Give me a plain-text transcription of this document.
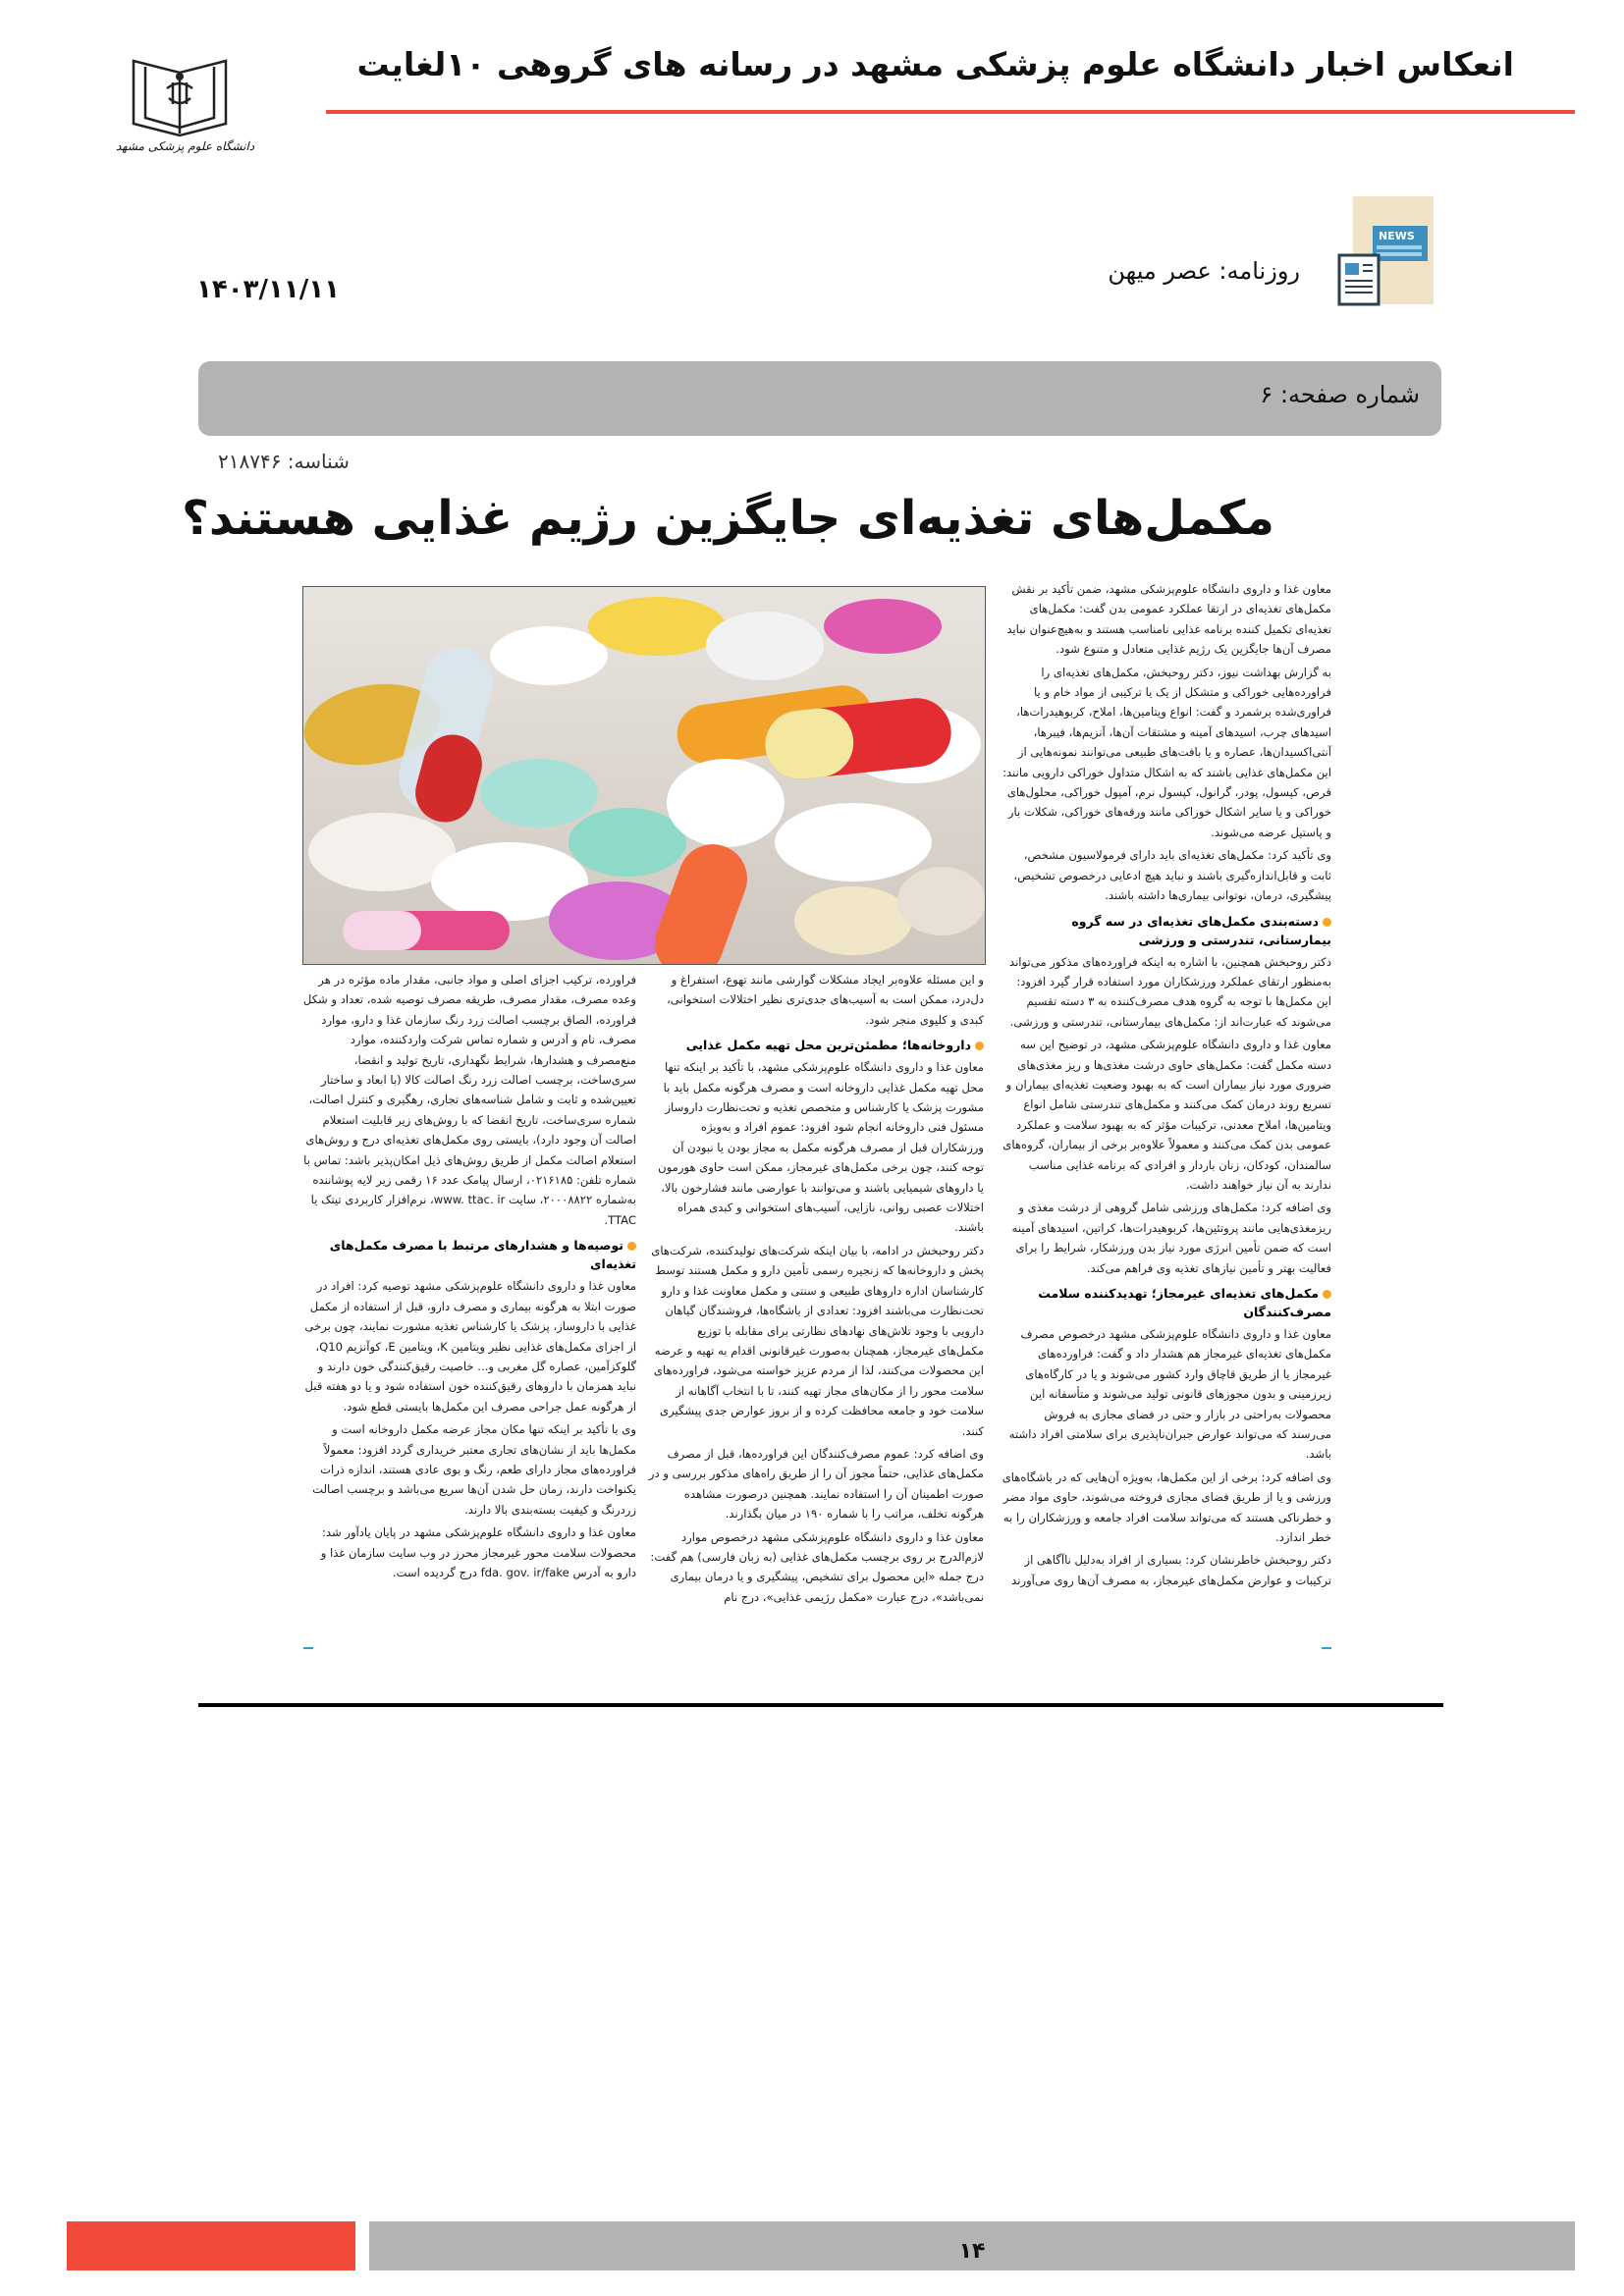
دانشگاه علوم پزشکی مشهد
انعکاس اخبار دانشگاه علوم پزشکی مشهد در رسانه های گروهی ۱۰لغایت
NEWS
روزنامه: عصر میهن
۱۴۰۳/۱۱/۱۱
شماره صفحه: ۶
شناسه: ۲۱۸۷۴۶
مکمل‌های تغذیه‌ای جایگزین رژیم غذایی هستند؟

معاون غذا و داروی دانشگاه علوم‌پزشکی مشهد، ضمن تأکید بر نقش مکمل‌های تغذیه‌ای در ارتقا عملکرد عمومی بدن گفت: مکمل‌های تغذیه‌ای تکمیل کننده برنامه غذایی نامناسب هستند و به‌هیچ‌عنوان نباید مصرف آن‌ها جایگزین یک رژیم غذایی متعادل و متنوع شود.

به گزارش بهداشت نیوز، دکتر روحبخش، مکمل‌های تغذیه‌ای را فراورده‌هایی خوراکی و متشکل از یک یا ترکیبی از مواد خام و یا فراوری‌شده برشمرد و گفت: انواع ویتامین‌ها، املاح، کربوهیدرات‌ها، اسیدهای چرب، اسیدهای آمینه و مشتقات آن‌ها، آنزیم‌ها، فیبرها، آنتی‌اکسیدان‌ها، عصاره و یا بافت‌های طبیعی می‌توانند نمونه‌هایی از این مکمل‌های غذایی باشند که به اشکال متداول خوراکی دارویی مانند: قرص، کپسول، پودر، گرانول، کپسول نرم، آمپول خوراکی، محلول‌های خوراکی و یا سایر اشکال خوراکی مانند ورقه‌های خوراکی، شکلات بار و پاستیل عرضه می‌شوند.

وی تأکید کرد: مکمل‌های تغذیه‌ای باید دارای فرمولاسیون مشخص، ثابت و قابل‌اندازه‌گیری باشند و نباید هیچ ادعایی درخصوص تشخیص، پیشگیری، درمان، نوتوانی بیماری‌ها داشته باشند.

دسته‌بندی مکمل‌های تغذیه‌ای در سه گروه بیمارستانی، تندرستی و ورزشی

دکتر روحبخش همچنین، با اشاره به اینکه فراورده‌های مذکور می‌تواند به‌منظور ارتقای عملکرد ورزشکاران مورد استفاده قرار گیرد افزود: این مکمل‌ها با توجه به گروه هدف مصرف‌کننده به ۳ دسته تقسیم می‌شوند که عبارت‌اند از: مکمل‌های بیمارستانی، تندرستی و ورزشی.

معاون غذا و داروی دانشگاه علوم‌پزشکی مشهد، در توضیح این سه دسته مکمل گفت: مکمل‌های حاوی درشت مغذی‌ها و ریز مغذی‌های ضروری مورد نیاز بیماران است که به بهبود وضعیت تغذیه‌ای بیماران و تسریع روند درمان کمک می‌کنند و مکمل‌های تندرستی شامل انواع ویتامین‌ها، املاح معدنی، ترکیبات مؤثر که به بهبود سلامت و عملکرد عمومی بدن کمک می‌کنند و معمولاً علاوه‌بر برخی از بیماران، گروه‌های سالمندان، کودکان، زنان باردار و افرادی که برنامه غذایی مناسب ندارند به آن نیاز خواهند داشت.

وی اضافه کرد: مکمل‌های ورزشی شامل گروهی از درشت مغذی و ریزمغذی‌هایی مانند پروتئین‌ها، کربوهیدرات‌ها، کراتین، اسیدهای آمینه است که ضمن تأمین انرژی مورد نیاز بدن ورزشکار، شرایط را برای فعالیت بهتر و تأمین نیازهای تغذیه وی فراهم می‌کند.

مکمل‌های تغذیه‌ای غیرمجاز؛ تهدیدکننده سلامت مصرف‌کنندگان

معاون غذا و داروی دانشگاه علوم‌پزشکی مشهد درخصوص مصرف مکمل‌های تغذیه‌ای غیرمجاز هم هشدار داد و گفت: فراورده‌های غیرمجاز یا از طریق قاچاق وارد کشور می‌شوند و یا در کارگاه‌های زیرزمینی و بدون مجوزهای قانونی تولید می‌شوند و متأسفانه این محصولات به‌راحتی در بازار و حتی در فضای مجازی به فروش می‌رسند که می‌تواند عوارض جبران‌ناپذیری برای سلامتی افراد داشته باشد.

وی اضافه کرد: برخی از این مکمل‌ها، به‌ویژه آن‌هایی که در باشگاه‌های ورزشی و یا از طریق فضای مجازی فروخته می‌شوند، حاوی مواد مضر و خطرناکی هستند که می‌تواند سلامت افراد جامعه و ورزشکاران را به خطر اندازد.

دکتر روحبخش خاطرنشان کرد: بسیاری از افراد به‌دلیل ناآگاهی از ترکیبات و عوارض مکمل‌های غیرمجاز، به مصرف آن‌ها روی می‌آورند

و این مسئله علاوه‌بر ایجاد مشکلات گوارشی مانند تهوع، استفراغ و دل‌درد، ممکن است به آسیب‌های جدی‌تری نظیر اختلالات استخوانی، کبدی و کلیوی منجر شود.

داروخانه‌ها؛ مطمئن‌ترین محل تهیه مکمل غذایی

معاون غذا و داروی دانشگاه علوم‌پزشکی مشهد، با تأکید بر اینکه تنها محل تهیه مکمل غذایی داروخانه است و مصرف هرگونه مکمل باید با مشورت پزشک یا کارشناس و متخصص تغذیه و تحت‌نظارت داروساز مسئول فنی داروخانه انجام شود افزود: عموم افراد و به‌ویژه ورزشکاران قبل از مصرف هرگونه مکمل به مجاز بودن یا نبودن آن توجه کنند، چون برخی مکمل‌های غیرمجاز، ممکن است حاوی هورمون یا داروهای شیمیایی باشند و می‌توانند با عوارضی مانند فشارخون بالا، اختلالات عصبی روانی، نازایی، آسیب‌های استخوانی و کبدی همراه باشند.

دکتر روحبخش در ادامه، با بیان اینکه شرکت‌های تولیدکننده، شرکت‌های پخش و داروخانه‌ها که زنجیره رسمی تأمین دارو و مکمل هستند توسط کارشناسان اداره داروهای طبیعی و سنتی و مکمل معاونت غذا و دارو تحت‌نظارت می‌باشند افزود: تعدادی از باشگاه‌ها، فروشندگان گیاهان دارویی با وجود تلاش‌های نهادهای نظارتی برای مقابله با توزیع مکمل‌های غیرمجاز، همچنان به‌صورت غیرقانونی اقدام به تهیه و عرضه این محصولات می‌کنند، لذا از مردم عزیز خواسته می‌شود، فراورده‌های سلامت محور را از مکان‌های مجاز تهیه کنند، تا با انتخاب آگاهانه از سلامت خود و جامعه محافظت کرده و از بروز عوارض جدی پیشگیری کنند.

وی اضافه کرد: عموم مصرف‌کنندگان این فراورده‌ها، قبل از مصرف مکمل‌های غذایی، حتماً مجوز آن را از طریق راه‌های مذکور بررسی و در صورت اطمینان آن را استفاده نمایند. همچنین درصورت مشاهده هرگونه تخلف، مراتب را با شماره ۱۹۰ در میان بگذارند.

معاون غذا و داروی دانشگاه علوم‌پزشکی مشهد درخصوص موارد لازم‌الدرج بر روی برچسب مکمل‌های غذایی (به زبان فارسی) هم گفت: درج جمله «این محصول برای تشخیص، پیشگیری و یا درمان بیماری نمی‌باشد»، درج عبارت «مکمل رژیمی غذایی»، درج نام

فراورده، ترکیب اجزای اصلی و مواد جانبی، مقدار ماده مؤثره در هر وعده مصرف، مقدار مصرف، طریقه مصرف توصیه شده، تعداد و شکل فراورده، الصاق برچسب اصالت زرد رنگ سازمان غذا و دارو، موارد مصرف، نام و آدرس و شماره تماس شرکت واردکننده، موارد منع‌مصرف و هشدارها، شرایط نگهداری، تاریخ تولید و انقضا، سری‌ساخت، برچسب اصالت زرد رنگ اصالت کالا (با ابعاد و ساختار تعیین‌شده و ثابت و شامل شناسه‌های تجاری، رهگیری و کنترل اصالت، شماره سری‌ساخت، تاریخ انقضا که با روش‌های زیر قابلیت استعلام اصالت آن وجود دارد)، بایستی روی مکمل‌های تغذیه‌ای درج و روش‌های استعلام اصالت مکمل از طریق روش‌های ذیل امکان‌پذیر باشد: تماس با شماره تلفن: ۰۲۱۶۱۸۵، ارسال پیامک عدد ۱۶ رقمی زیر لایه پوشاننده به‌شماره ۲۰۰۰۸۸۲۲، سایت www. ttac. ir، نرم‌افزار کاربردی تیتک یا TTAC.

توصیه‌ها و هشدارهای مرتبط با مصرف مکمل‌های تغذیه‌ای

معاون غذا و داروی دانشگاه علوم‌پزشکی مشهد توصیه کرد: افراد در صورت ابتلا به هرگونه بیماری و مصرف دارو، قبل از استفاده از مکمل غذایی با داروساز، پزشک یا کارشناس تغذیه مشورت نمایند، چون برخی از اجزای مکمل‌های غذایی نظیر ویتامین K، ویتامین E، کوآنزیم Q10، گلوکزآمین، عصاره گل مغربی و... خاصیت رقیق‌کنندگی خون دارند و نباید همزمان با داروهای رقیق‌کننده خون استفاده شود و یا دو هفته قبل از هرگونه عمل جراحی مصرف این مکمل‌ها بایستی قطع شود.

وی با تأکید بر اینکه تنها مکان مجاز عرضه مکمل داروخانه است و مکمل‌ها باید از نشان‌های تجاری معتبر خریداری گردد افزود: معمولاً فراورده‌های مجاز دارای طعم، رنگ و بوی عادی هستند، اندازه ذرات یکنواخت دارند، زمان حل شدن آن‌ها سریع می‌باشد و برچسب اصالت زردرنگ و کیفیت بسته‌بندی بالا دارند.

معاون غذا و داروی دانشگاه علوم‌پزشکی مشهد در پایان یادآور شد: محصولات سلامت محور غیرمجاز محرز در وب سایت سازمان غذا و دارو به آدرس fda. gov. ir/fake درج گردیده است.

۱۴
